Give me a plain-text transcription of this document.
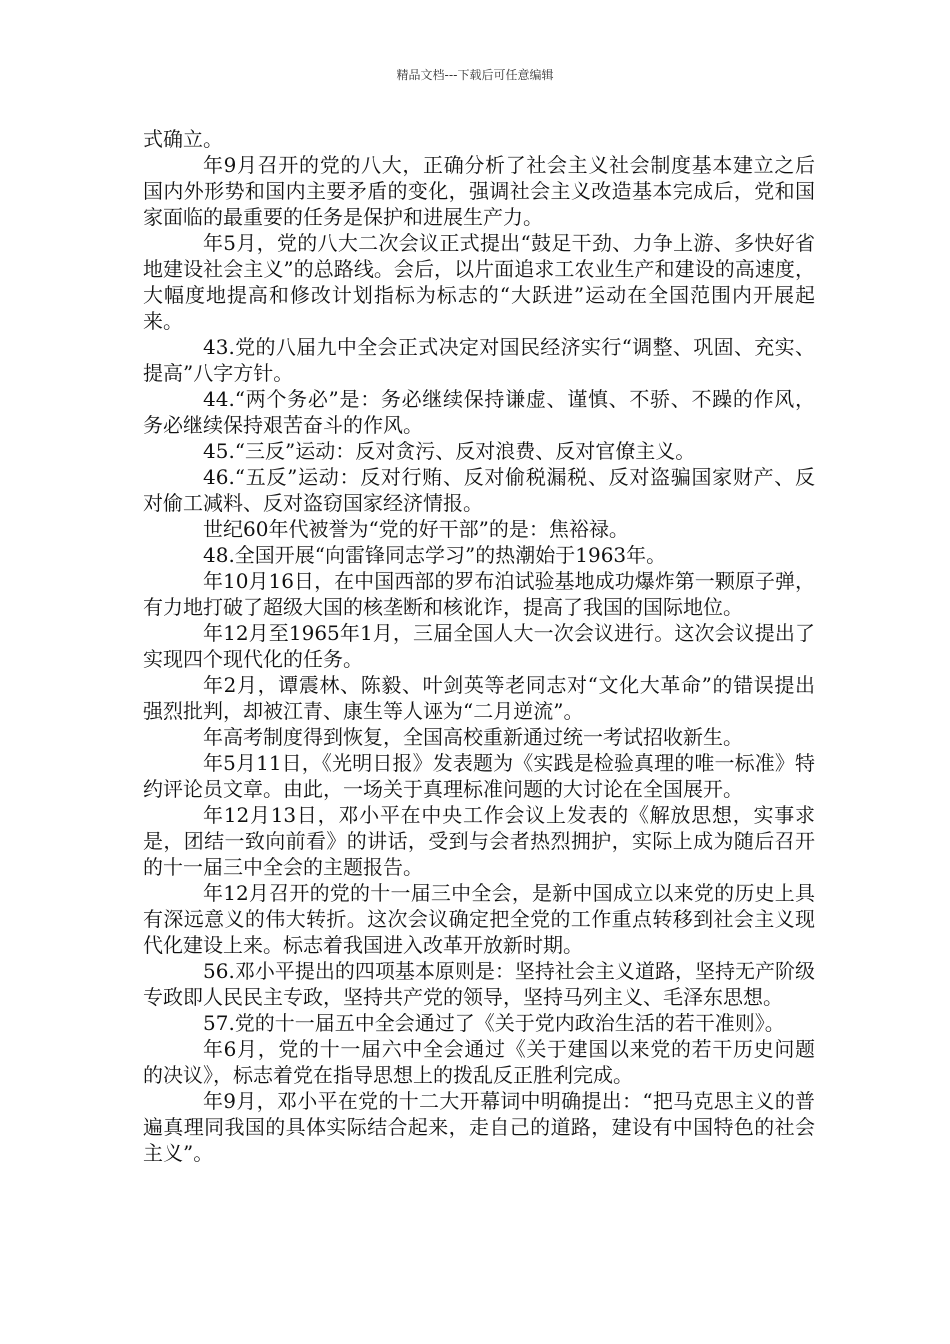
精品文档---下载后可任意编辑

式确立。

年9月召开的党的八大，正确分析了社会主义社会制度基本建立之后国内外形势和国内主要矛盾的变化，强调社会主义改造基本完成后，党和国家面临的最重要的任务是保护和进展生产力。

年5月，党的八大二次会议正式提出“鼓足干劲、力争上游、多快好省地建设社会主义”的总路线。会后，以片面追求工农业生产和建设的高速度，大幅度地提高和修改计划指标为标志的“大跃进”运动在全国范围内开展起来。

43.党的八届九中全会正式决定对国民经济实行“调整、巩固、充实、提高”八字方针。

44.“两个务必”是：务必继续保持谦虚、谨慎、不骄、不躁的作风，务必继续保持艰苦奋斗的作风。

45.“三反”运动：反对贪污、反对浪费、反对官僚主义。

46.“五反”运动：反对行贿、反对偷税漏税、反对盗骗国家财产、反对偷工减料、反对盗窃国家经济情报。

世纪60年代被誉为“党的好干部”的是：焦裕禄。

48.全国开展“向雷锋同志学习”的热潮始于1963年。

年10月16日，在中国西部的罗布泊试验基地成功爆炸第一颗原子弹，有力地打破了超级大国的核垄断和核讹诈，提高了我国的国际地位。

年12月至1965年1月，三届全国人大一次会议进行。这次会议提出了实现四个现代化的任务。

年2月，谭震林、陈毅、叶剑英等老同志对“文化大革命”的错误提出强烈批判，却被江青、康生等人诬为“二月逆流”。

年高考制度得到恢复，全国高校重新通过统一考试招收新生。

年5月11日，《光明日报》发表题为《实践是检验真理的唯一标准》特约评论员文章。由此，一场关于真理标准问题的大讨论在全国展开。

年12月13日，邓小平在中央工作会议上发表的《解放思想，实事求是，团结一致向前看》的讲话，受到与会者热烈拥护，实际上成为随后召开的十一届三中全会的主题报告。

年12月召开的党的十一届三中全会，是新中国成立以来党的历史上具有深远意义的伟大转折。这次会议确定把全党的工作重点转移到社会主义现代化建设上来。标志着我国进入改革开放新时期。

56.邓小平提出的四项基本原则是：坚持社会主义道路，坚持无产阶级专政即人民民主专政，坚持共产党的领导，坚持马列主义、毛泽东思想。

57.党的十一届五中全会通过了《关于党内政治生活的若干准则》。

年6月，党的十一届六中全会通过《关于建国以来党的若干历史问题的决议》，标志着党在指导思想上的拨乱反正胜利完成。

年9月，邓小平在党的十二大开幕词中明确提出：“把马克思主义的普遍真理同我国的具体实际结合起来，走自己的道路，建设有中国特色的社会主义”。
